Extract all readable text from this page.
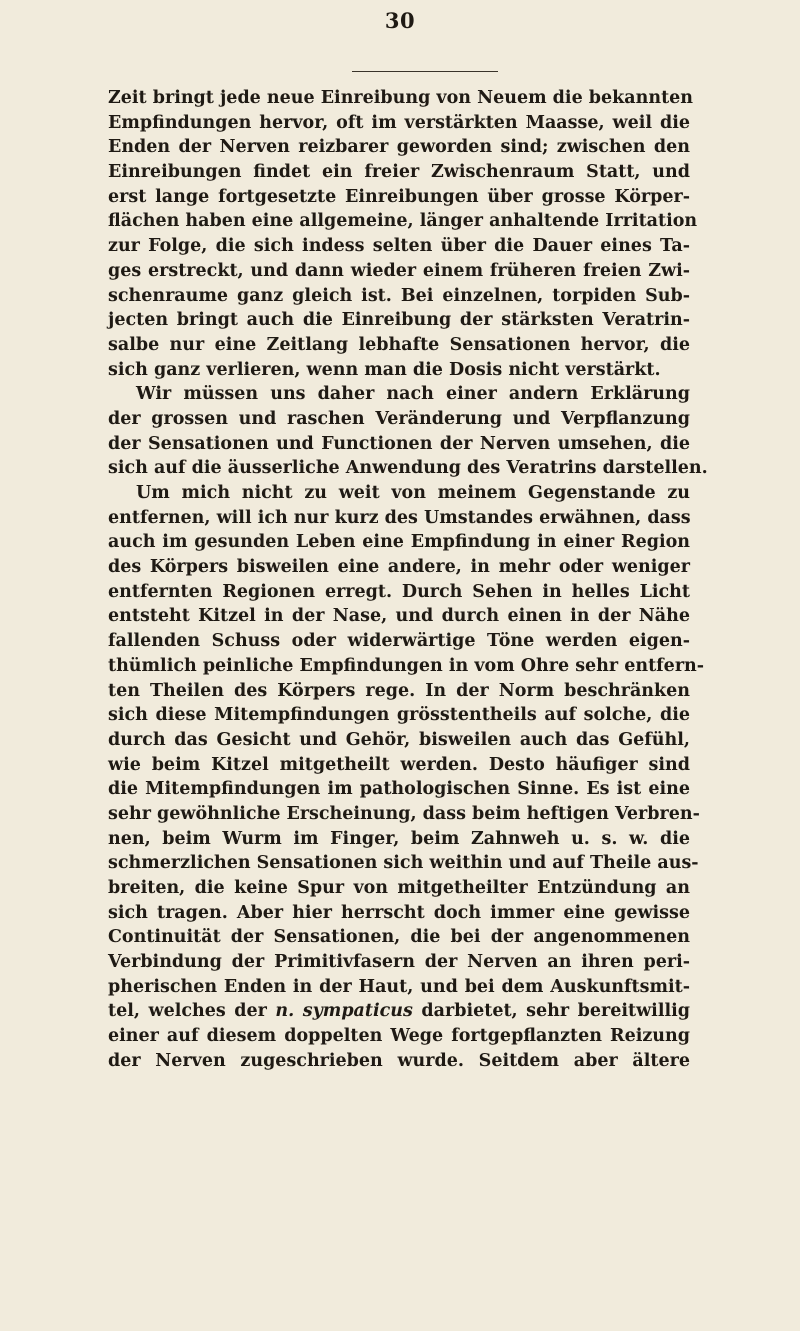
30
Zeit bringt jede neue Einreibung von Neuem die bekannten
Empfindungen hervor, oft im verstärkten Maasse, weil die
Enden der Nerven reizbarer geworden sind; zwischen den
Einreibungen findet ein freier Zwischenraum Statt, und
erst lange fortgesetzte Einreibungen über grosse Körper-
flächen haben eine allgemeine, länger anhaltende Irritation
zur Folge, die sich indess selten über die Dauer eines Ta-
ges erstreckt, und dann wieder einem früheren freien Zwi-
schenraume ganz gleich ist. Bei einzelnen, torpiden Sub-
jecten bringt auch die Einreibung der stärksten Veratrin-
salbe nur eine Zeitlang lebhafte Sensationen hervor, die
sich ganz verlieren, wenn man die Dosis nicht verstärkt.
Wir müssen uns daher nach einer andern Erklärung
der grossen und raschen Veränderung und Verpflanzung
der Sensationen und Functionen der Nerven umsehen, die
sich auf die äusserliche Anwendung des Veratrins darstellen.
Um mich nicht zu weit von meinem Gegenstande zu
entfernen, will ich nur kurz des Umstandes erwähnen, dass
auch im gesunden Leben eine Empfindung in einer Region
des Körpers bisweilen eine andere, in mehr oder weniger
entfernten Regionen erregt. Durch Sehen in helles Licht
entsteht Kitzel in der Nase, und durch einen in der Nähe
fallenden Schuss oder widerwärtige Töne werden eigen-
thümlich peinliche Empfindungen in vom Ohre sehr entfern-
ten Theilen des Körpers rege. In der Norm beschränken
sich diese Mitempfindungen grösstentheils auf solche, die
durch das Gesicht und Gehör, bisweilen auch das Gefühl,
wie beim Kitzel mitgetheilt werden. Desto häufiger sind
die Mitempfindungen im pathologischen Sinne. Es ist eine
sehr gewöhnliche Erscheinung, dass beim heftigen Verbren-
nen, beim Wurm im Finger, beim Zahnweh u. s. w. die
schmerzlichen Sensationen sich weithin und auf Theile aus-
breiten, die keine Spur von mitgetheilter Entzündung an
sich tragen. Aber hier herrscht doch immer eine gewisse
Continuität der Sensationen, die bei der angenommenen
Verbindung der Primitivfasern der Nerven an ihren peri-
pherischen Enden in der Haut, und bei dem Auskunftsmit-
tel, welches der n. sympaticus darbietet, sehr bereitwillig
einer auf diesem doppelten Wege fortgepflanzten Reizung
der Nerven zugeschrieben wurde. Seitdem aber ältere
